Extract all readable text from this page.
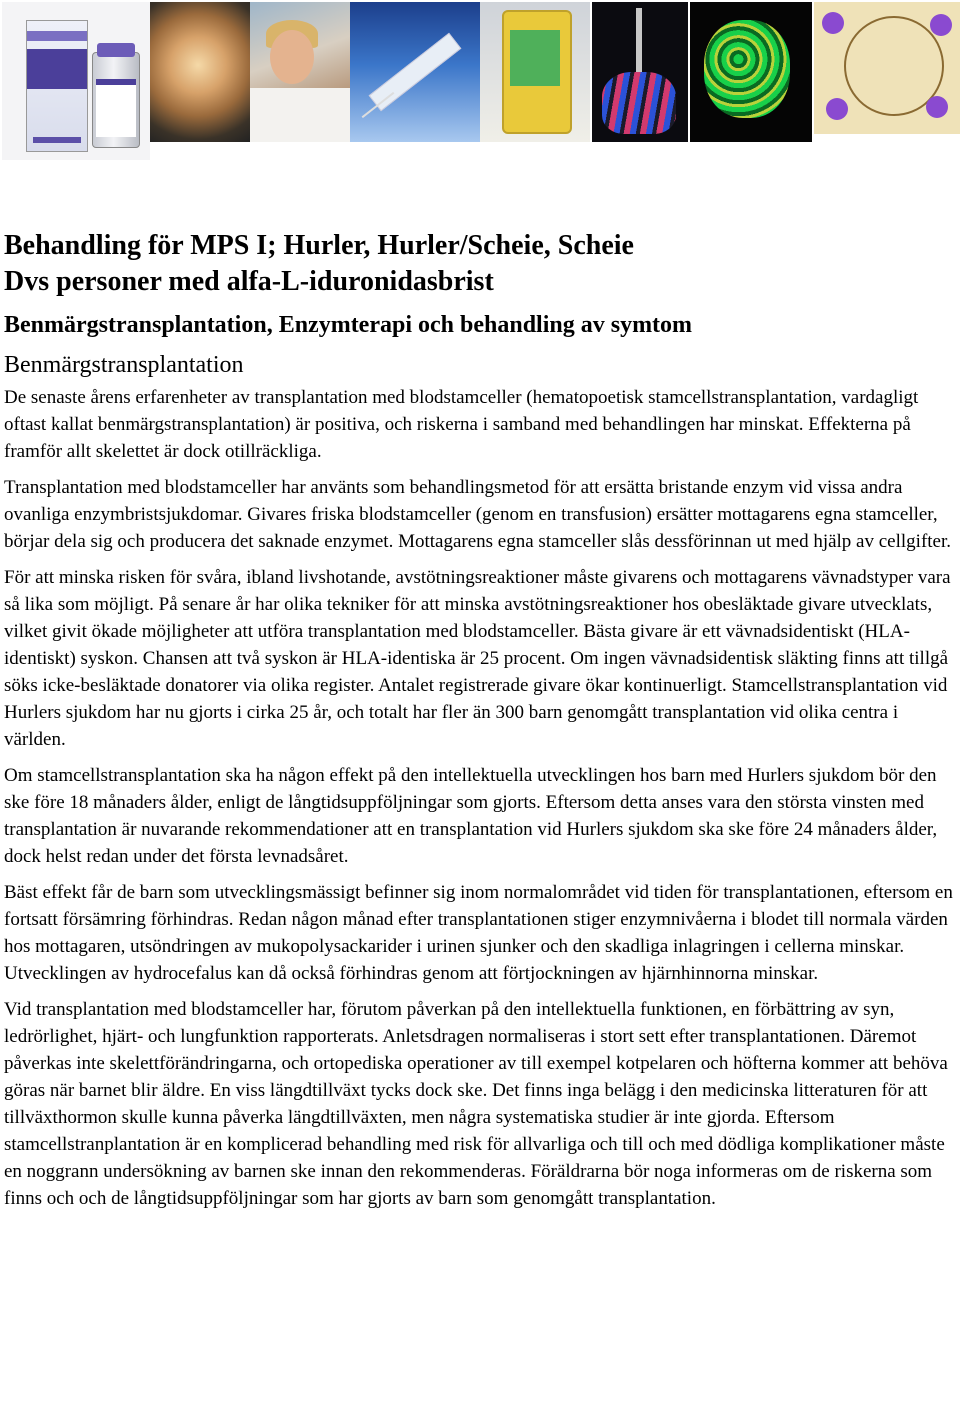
Behandling för MPS I; Hurler, Hurler/Scheie, Scheie
Dvs personer med alfa-L-iduronidasbrist
Benmärgstransplantation, Enzymterapi och behandling av symtom
Benmärgstransplantation

De senaste årens erfarenheter av transplantation med blodstamceller (hematopoetisk stamcellstransplantation, vardagligt oftast kallat benmärgstransplantation) är positiva, och riskerna i samband med behandlingen har minskat. Effekterna på framför allt skelettet är dock otillräckliga.

Transplantation med blodstamceller har använts som behandlingsmetod för att ersätta bristande enzym vid vissa andra ovanliga enzymbristsjukdomar. Givares friska blodstamceller (genom en transfusion) ersätter mottagarens egna stamceller, börjar dela sig och producera det saknade enzymet. Mottagarens egna stamceller slås dessförinnan ut med hjälp av cellgifter.

För att minska risken för svåra, ibland livshotande, avstötningsreaktioner måste givarens och mottagarens vävnadstyper vara så lika som möjligt. På senare år har olika tekniker för att minska avstötningsreaktioner hos obesläktade givare utvecklats, vilket givit ökade möjligheter att utföra transplantation med blodstamceller. Bästa givare är ett vävnadsidentiskt (HLA-identiskt) syskon. Chansen att två syskon är HLA-identiska är 25 procent. Om ingen vävnadsidentisk släkting finns att tillgå söks icke-besläktade donatorer via olika register. Antalet registrerade givare ökar kontinuerligt. Stamcellstransplantation vid Hurlers sjukdom har nu gjorts i cirka 25 år, och totalt har fler än 300 barn genomgått transplantation vid olika centra i världen.

Om stamcellstransplantation ska ha någon effekt på den intellektuella utvecklingen hos barn med Hurlers sjukdom bör den ske före 18 månaders ålder, enligt de långtidsuppföljningar som gjorts. Eftersom detta anses vara den största vinsten med transplantation är nuvarande rekommendationer att en transplantation vid Hurlers sjukdom ska ske före 24 månaders ålder, dock helst redan under det första levnadsåret.

Bäst effekt får de barn som utvecklingsmässigt befinner sig inom normalområdet vid tiden för transplantationen, eftersom en fortsatt försämring förhindras. Redan någon månad efter transplantationen stiger enzymnivåerna i blodet till normala värden hos mottagaren, utsöndringen av mukopolysackarider i urinen sjunker och den skadliga inlagringen i cellerna minskar. Utvecklingen av hydrocefalus kan då också förhindras genom att förtjockningen av hjärnhinnorna minskar.

Vid transplantation med blodstamceller har, förutom påverkan på den intellektuella funktionen, en förbättring av syn, ledrörlighet, hjärt- och lungfunktion rapporterats. Anletsdragen normaliseras i stort sett efter transplantationen. Däremot påverkas inte skelettförändringarna, och ortopediska operationer av till exempel kotpelaren och höfterna kommer att behöva göras när barnet blir äldre. En viss längdtillväxt tycks dock ske. Det finns inga belägg i den medicinska litteraturen för att tillväxthormon skulle kunna påverka längdtillväxten, men några systematiska studier är inte gjorda. Eftersom stamcellstranplantation är en komplicerad behandling med risk för allvarliga och till och med dödliga komplikationer måste en noggrann undersökning av barnen ske innan den rekommenderas. Föräldrarna bör noga informeras om de riskerna som finns och och de långtidsuppföljningar som har gjorts av barn som genomgått transplantation.
